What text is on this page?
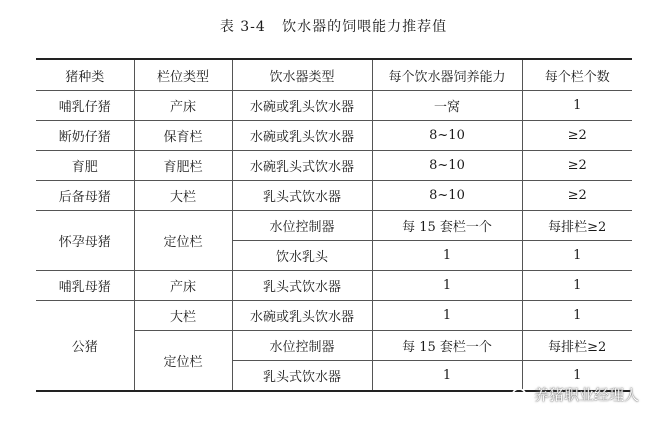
表 3-4 饮水器的饲喂能力推荐值
猪种类	栏位类型	饮水器类型	每个饮水器饲养能力	每个栏个数
哺乳仔猪	产床	水碗或乳头饮水器	一窝	1
断奶仔猪	保育栏	水碗或乳头饮水器	8~10	≥2
育肥	育肥栏	水碗乳头式饮水器	8~10	≥2
后备母猪	大栏	乳头式饮水器	8~10	≥2
怀孕母猪	定位栏	水位控制器	每 15 套栏一个	每排栏≥2
		饮水乳头	1	1
哺乳母猪	产床	乳头式饮水器	1	1
公猪	大栏	水碗或乳头饮水器	1	1
	定位栏	水位控制器	每 15 套栏一个	每排栏≥2
		乳头式饮水器	1	1
养猪职业经理人
